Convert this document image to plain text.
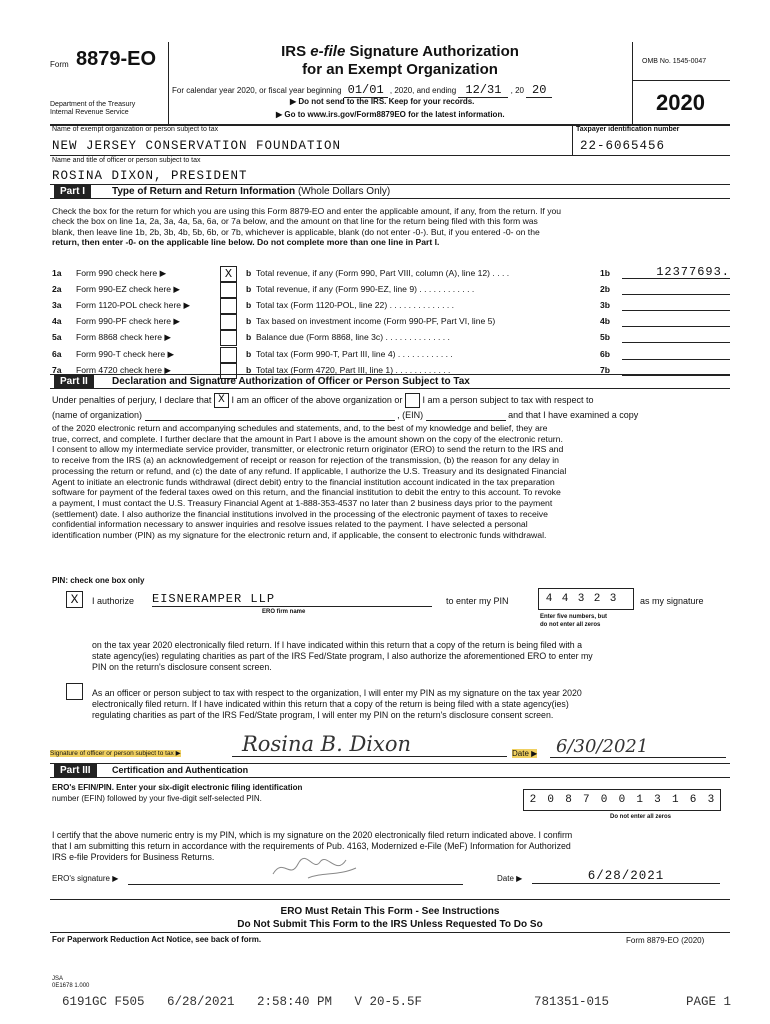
Form 8879-EO
Department of the Treasury
Internal Revenue Service
IRS e-file Signature Authorization
for an Exempt Organization
For calendar year 2020, or fiscal year beginning 01/01 , 2020, and ending 12/31 , 20 20
▶ Do not send to the IRS. Keep for your records.
▶ Go to www.irs.gov/Form8879EO for the latest information.
OMB No. 1545-0047
2020
Name of exempt organization or person subject to tax
NEW JERSEY CONSERVATION FOUNDATION
Taxpayer identification number
22-6065456
Name and title of officer or person subject to tax
ROSINA DIXON, PRESIDENT
Part I	Type of Return and Return Information (Whole Dollars Only)

Check the box for the return for which you are using this Form 8879-EO and enter the applicable amount, if any, from the return. If you

check the box on line 1a, 2a, 3a, 4a, 5a, 6a, or 7a below, and the amount on that line for the return being filed with this form was

blank, then leave line 1b, 2b, 3b, 4b, 5b, 6b, or 7b, whichever is applicable, blank (do not enter -0-). But, if you entered -0- on the

return, then enter -0- on the applicable line below. Do not complete more than one line in Part I.

1a Form 990 check here ▶	X	b Total revenue, if any (Form 990, Part VIII, column (A), line 12) . . . .	1b	12377693.
2a Form 990-EZ check here ▶	b Total revenue, if any (Form 990-EZ, line 9) . . . . . . . . . . . .	2b
3a Form 1120-POL check here ▶	b Total tax (Form 1120-POL, line 22) . . . . . . . . . . . . . .	3b
4a Form 990-PF check here ▶	b Tax based on investment income (Form 990-PF, Part VI, line 5)	4b
5a Form 8868 check here ▶	b Balance due (Form 8868, line 3c) . . . . . . . . . . . . . .	5b
6a Form 990-T check here ▶	b Total tax (Form 990-T, Part III, line 4) . . . . . . . . . . . .	6b
7a Form 4720 check here ▶	b Total tax (Form 4720, Part III, line 1) . . . . . . . . . . . .	7b
Part II	Declaration and Signature Authorization of Officer or Person Subject to Tax
Under penalties of perjury, I declare that X I am an officer of the above organization or I am a person subject to tax with respect to
(name of organization)	, (EIN)	and that I have examined a copy

of the 2020 electronic return and accompanying schedules and statements, and, to the best of my knowledge and belief, they are

true, correct, and complete. I further declare that the amount in Part I above is the amount shown on the copy of the electronic return.

I consent to allow my intermediate service provider, transmitter, or electronic return originator (ERO) to send the return to the IRS and

to receive from the IRS (a) an acknowledgement of receipt or reason for rejection of the transmission, (b) the reason for any delay in

processing the return or refund, and (c) the date of any refund. If applicable, I authorize the U.S. Treasury and its designated Financial

Agent to initiate an electronic funds withdrawal (direct debit) entry to the financial institution account indicated in the tax preparation

software for payment of the federal taxes owed on this return, and the financial institution to debit the entry to this account. To revoke

a payment, I must contact the U.S. Treasury Financial Agent at 1-888-353-4537 no later than 2 business days prior to the payment

(settlement) date. I also authorize the financial institutions involved in the processing of the electronic payment of taxes to receive

confidential information necessary to answer inquiries and resolve issues related to the payment. I have selected a personal

identification number (PIN) as my signature for the electronic return and, if applicable, the consent to electronic funds withdrawal.

PIN: check one box only
X	I authorize EISNERAMPER LLP
ERO firm name
to enter my PIN	4 4 3 2 3	as my signature
Enter five numbers, but
do not enter all zeros

on the tax year 2020 electronically filed return. If I have indicated within this return that a copy of the return is being filed with a

state agency(ies) regulating charities as part of the IRS Fed/State program, I also authorize the aforementioned ERO to enter my

PIN on the return's disclosure consent screen.

As an officer or person subject to tax with respect to the organization, I will enter my PIN as my signature on the tax year 2020

electronically filed return. If I have indicated within this return that a copy of the return is being filed with a state agency(ies)

regulating charities as part of the IRS Fed/State program, I will enter my PIN on the return's disclosure consent screen.

Signature of officer or person subject to tax ▶	Rosina B. Dixon	Date ▶	6/30/2021
Part III	Certification and Authentication
ERO's EFIN/PIN. Enter your six-digit electronic filing identification
number (EFIN) followed by your five-digit self-selected PIN.	2 0 8 7 0 0 1 3 1 6 3
Do not enter all zeros

I certify that the above numeric entry is my PIN, which is my signature on the 2020 electronically filed return indicated above. I confirm

that I am submitting this return in accordance with the requirements of Pub. 4163, Modernized e-File (MeF) Information for Authorized

IRS e-file Providers for Business Returns.

ERO's signature ▶	Date ▶	6/28/2021
ERO Must Retain This Form - See Instructions
Do Not Submit This Form to the IRS Unless Requested To Do So
For Paperwork Reduction Act Notice, see back of form.	Form 8879-EO (2020)
JSA
0E1678 1.000
6191GC F505   6/28/2021   2:58:40 PM   V 20-5.5F	781351-015	PAGE 1
